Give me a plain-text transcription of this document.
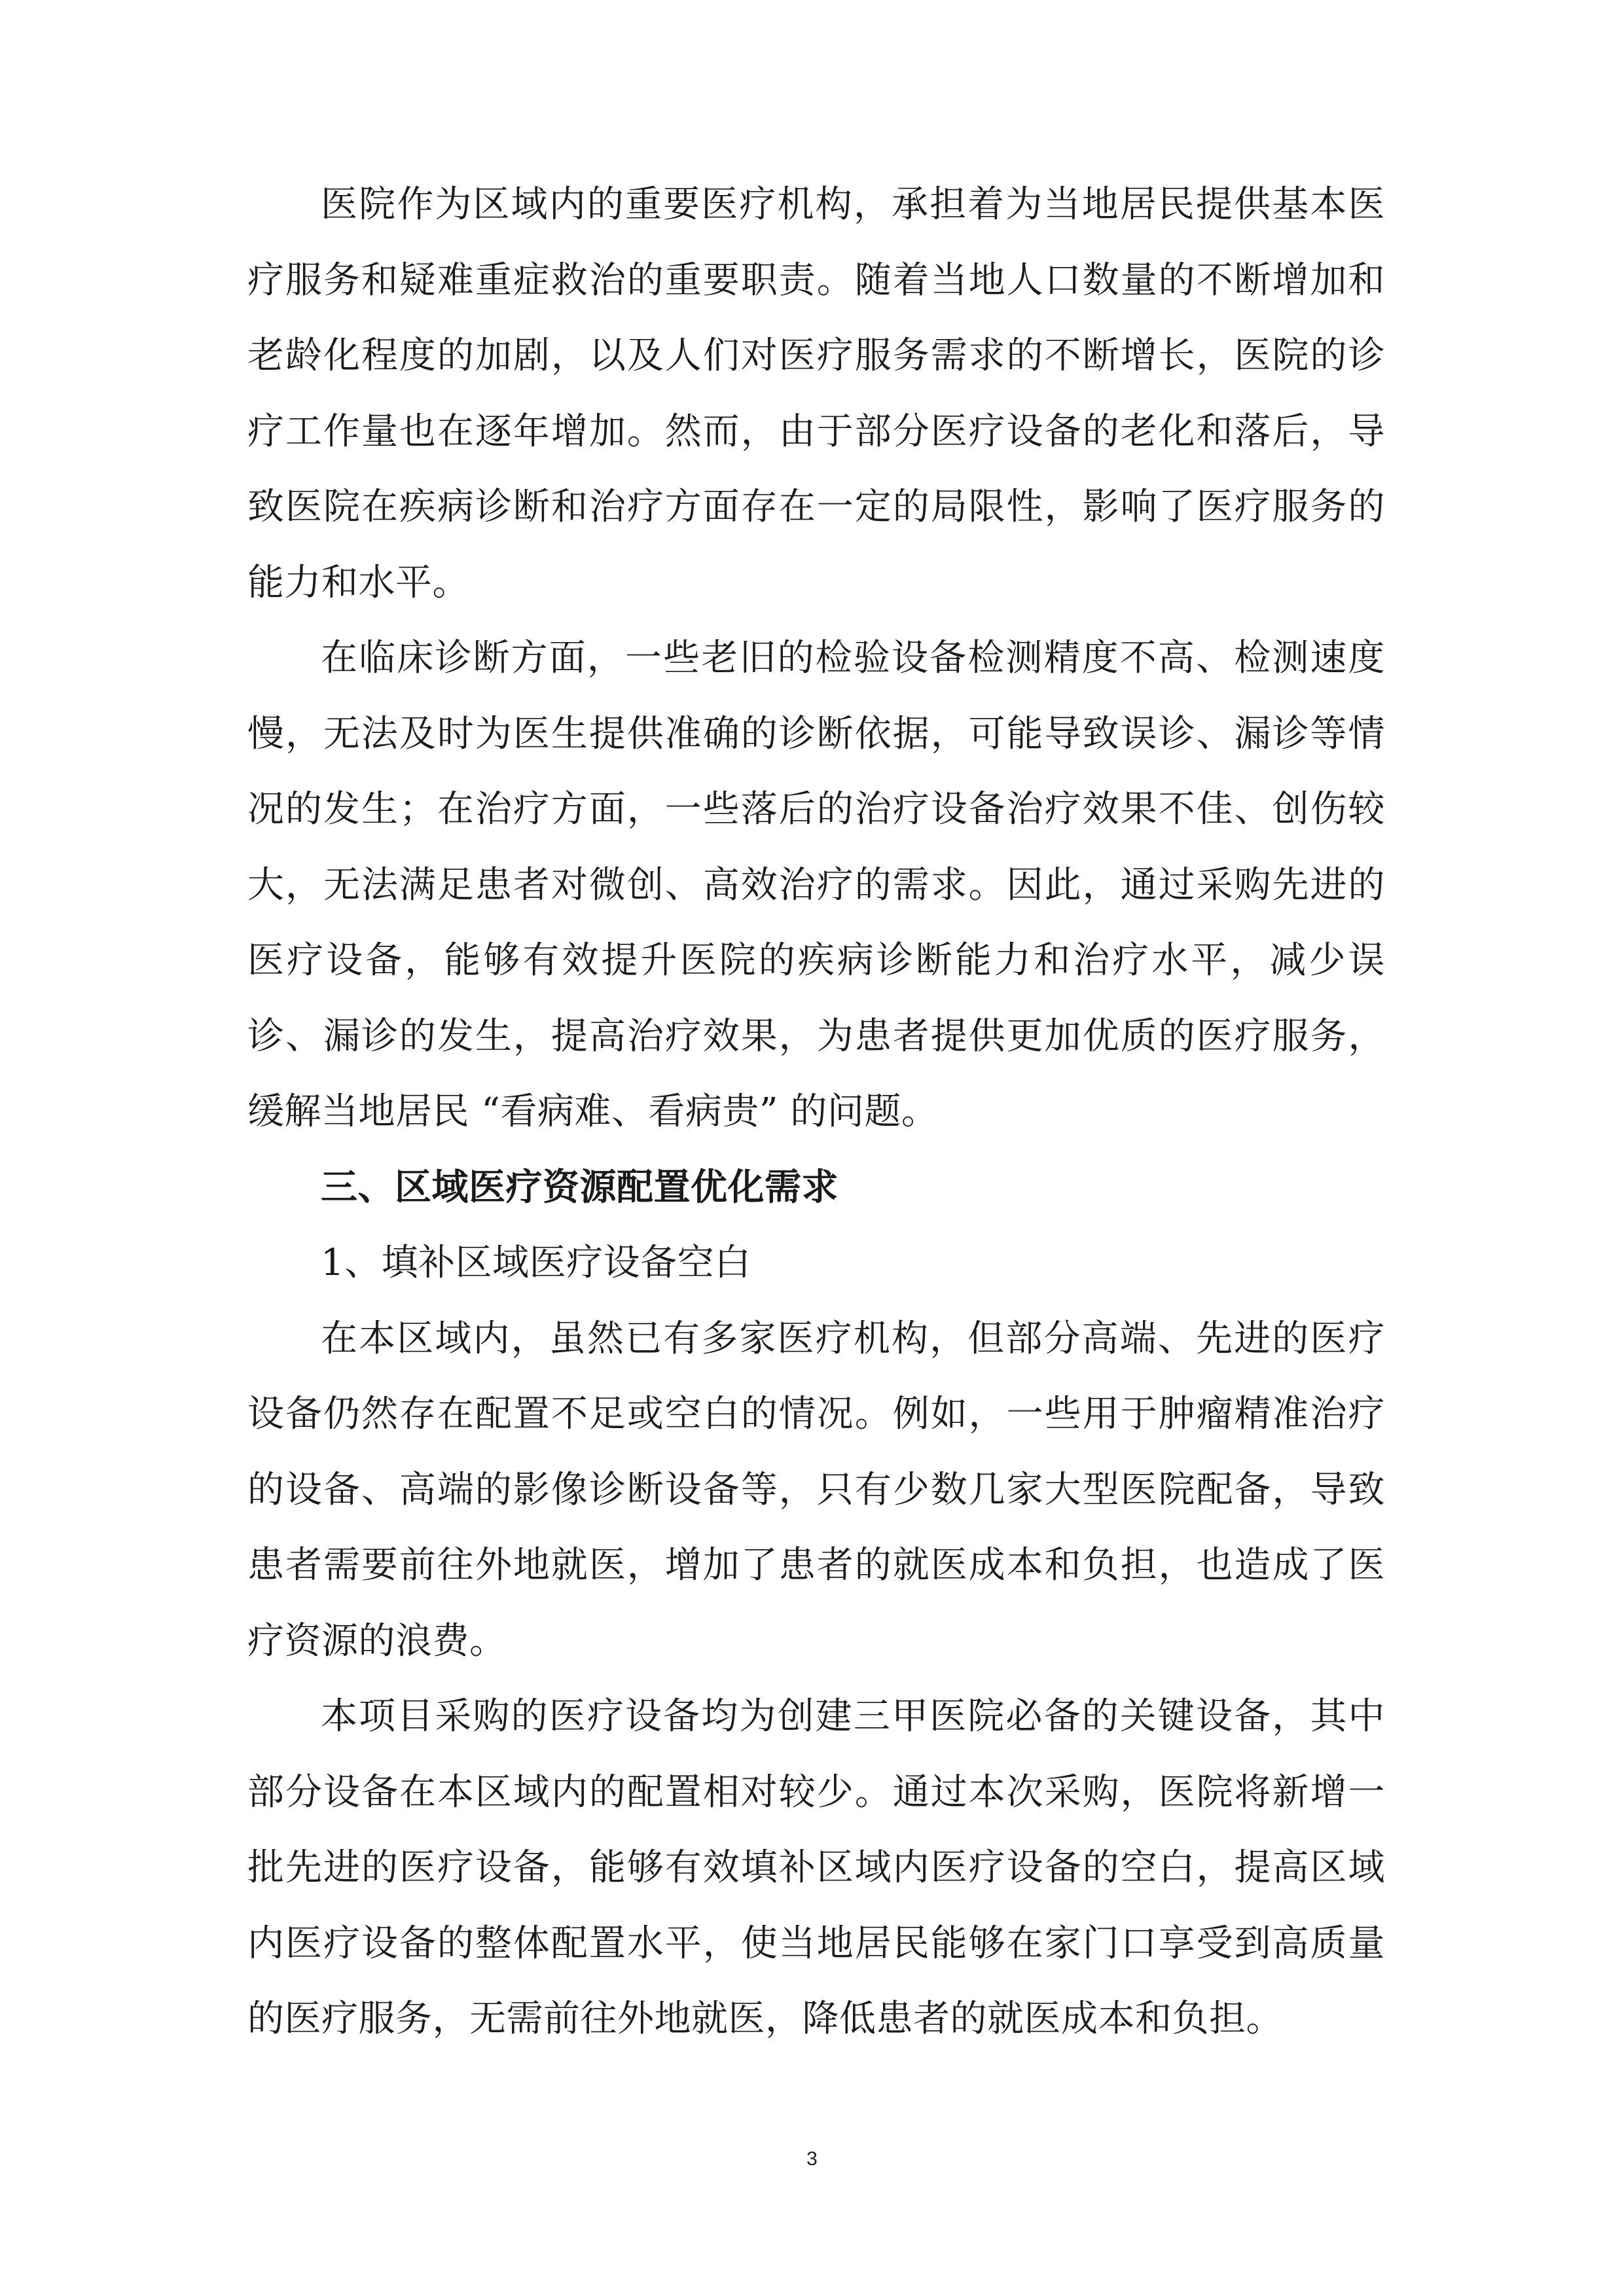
医院作为区域内的重要医疗机构，承担着为当地居民提供基本医疗服务和疑难重症救治的重要职责。随着当地人口数量的不断增加和老龄化程度的加剧，以及人们对医疗服务需求的不断增长，医院的诊疗工作量也在逐年增加。然而，由于部分医疗设备的老化和落后，导致医院在疾病诊断和治疗方面存在一定的局限性，影响了医疗服务的能力和水平。

在临床诊断方面，一些老旧的检验设备检测精度不高、检测速度慢，无法及时为医生提供准确的诊断依据，可能导致误诊、漏诊等情况的发生；在治疗方面，一些落后的治疗设备治疗效果不佳、创伤较大，无法满足患者对微创、高效治疗的需求。因此，通过采购先进的医疗设备，能够有效提升医院的疾病诊断能力和治疗水平，减少误诊、漏诊的发生，提高治疗效果，为患者提供更加优质的医疗服务，缓解当地居民 “看病难、看病贵” 的问题。

三、区域医疗资源配置优化需求

1、填补区域医疗设备空白

在本区域内，虽然已有多家医疗机构，但部分高端、先进的医疗设备仍然存在配置不足或空白的情况。例如，一些用于肿瘤精准治疗的设备、高端的影像诊断设备等，只有少数几家大型医院配备，导致患者需要前往外地就医，增加了患者的就医成本和负担，也造成了医疗资源的浪费。

本项目采购的医疗设备均为创建三甲医院必备的关键设备，其中部分设备在本区域内的配置相对较少。通过本次采购，医院将新增一批先进的医疗设备，能够有效填补区域内医疗设备的空白，提高区域内医疗设备的整体配置水平，使当地居民能够在家门口享受到高质量的医疗服务，无需前往外地就医，降低患者的就医成本和负担。

3
